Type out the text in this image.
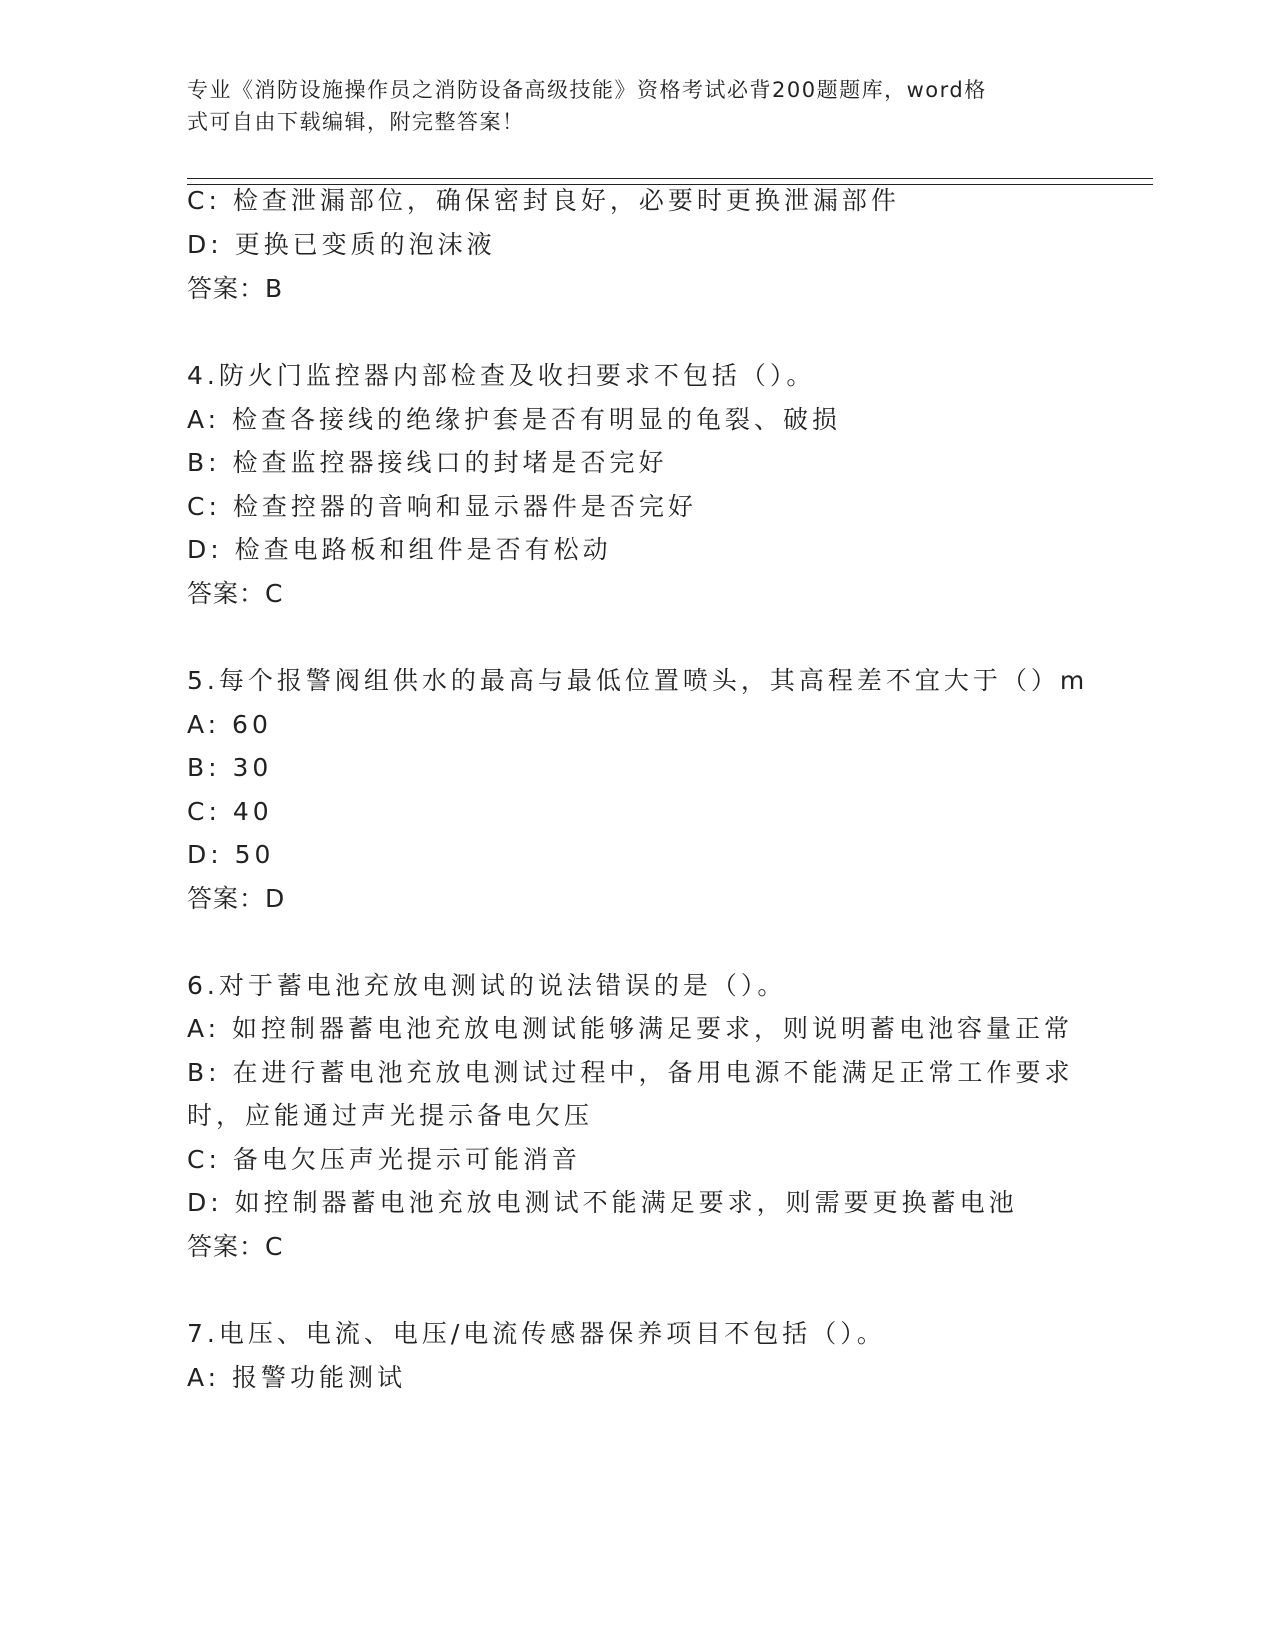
专业《消防设施操作员之消防设备高级技能》资格考试必背200题题库，word格
式可自由下载编辑，附完整答案！
C: 检查泄漏部位，确保密封良好，必要时更换泄漏部件
D: 更换已变质的泡沫液
答案：B
4.防火门监控器内部检查及收扫要求不包括（）。
A: 检查各接线的绝缘护套是否有明显的龟裂、破损
B: 检查监控器接线口的封堵是否完好
C: 检查控器的音响和显示器件是否完好
D: 检查电路板和组件是否有松动
答案：C
5.每个报警阀组供水的最高与最低位置喷头，其高程差不宜大于（）m
A: 60
B: 30
C: 40
D: 50
答案：D
6.对于蓄电池充放电测试的说法错误的是（）。
A: 如控制器蓄电池充放电测试能够满足要求，则说明蓄电池容量正常
B: 在进行蓄电池充放电测试过程中，备用电源不能满足正常工作要求
时，应能通过声光提示备电欠压
C: 备电欠压声光提示可能消音
D: 如控制器蓄电池充放电测试不能满足要求，则需要更换蓄电池
答案：C
7.电压、电流、电压/电流传感器保养项目不包括（）。
A: 报警功能测试
